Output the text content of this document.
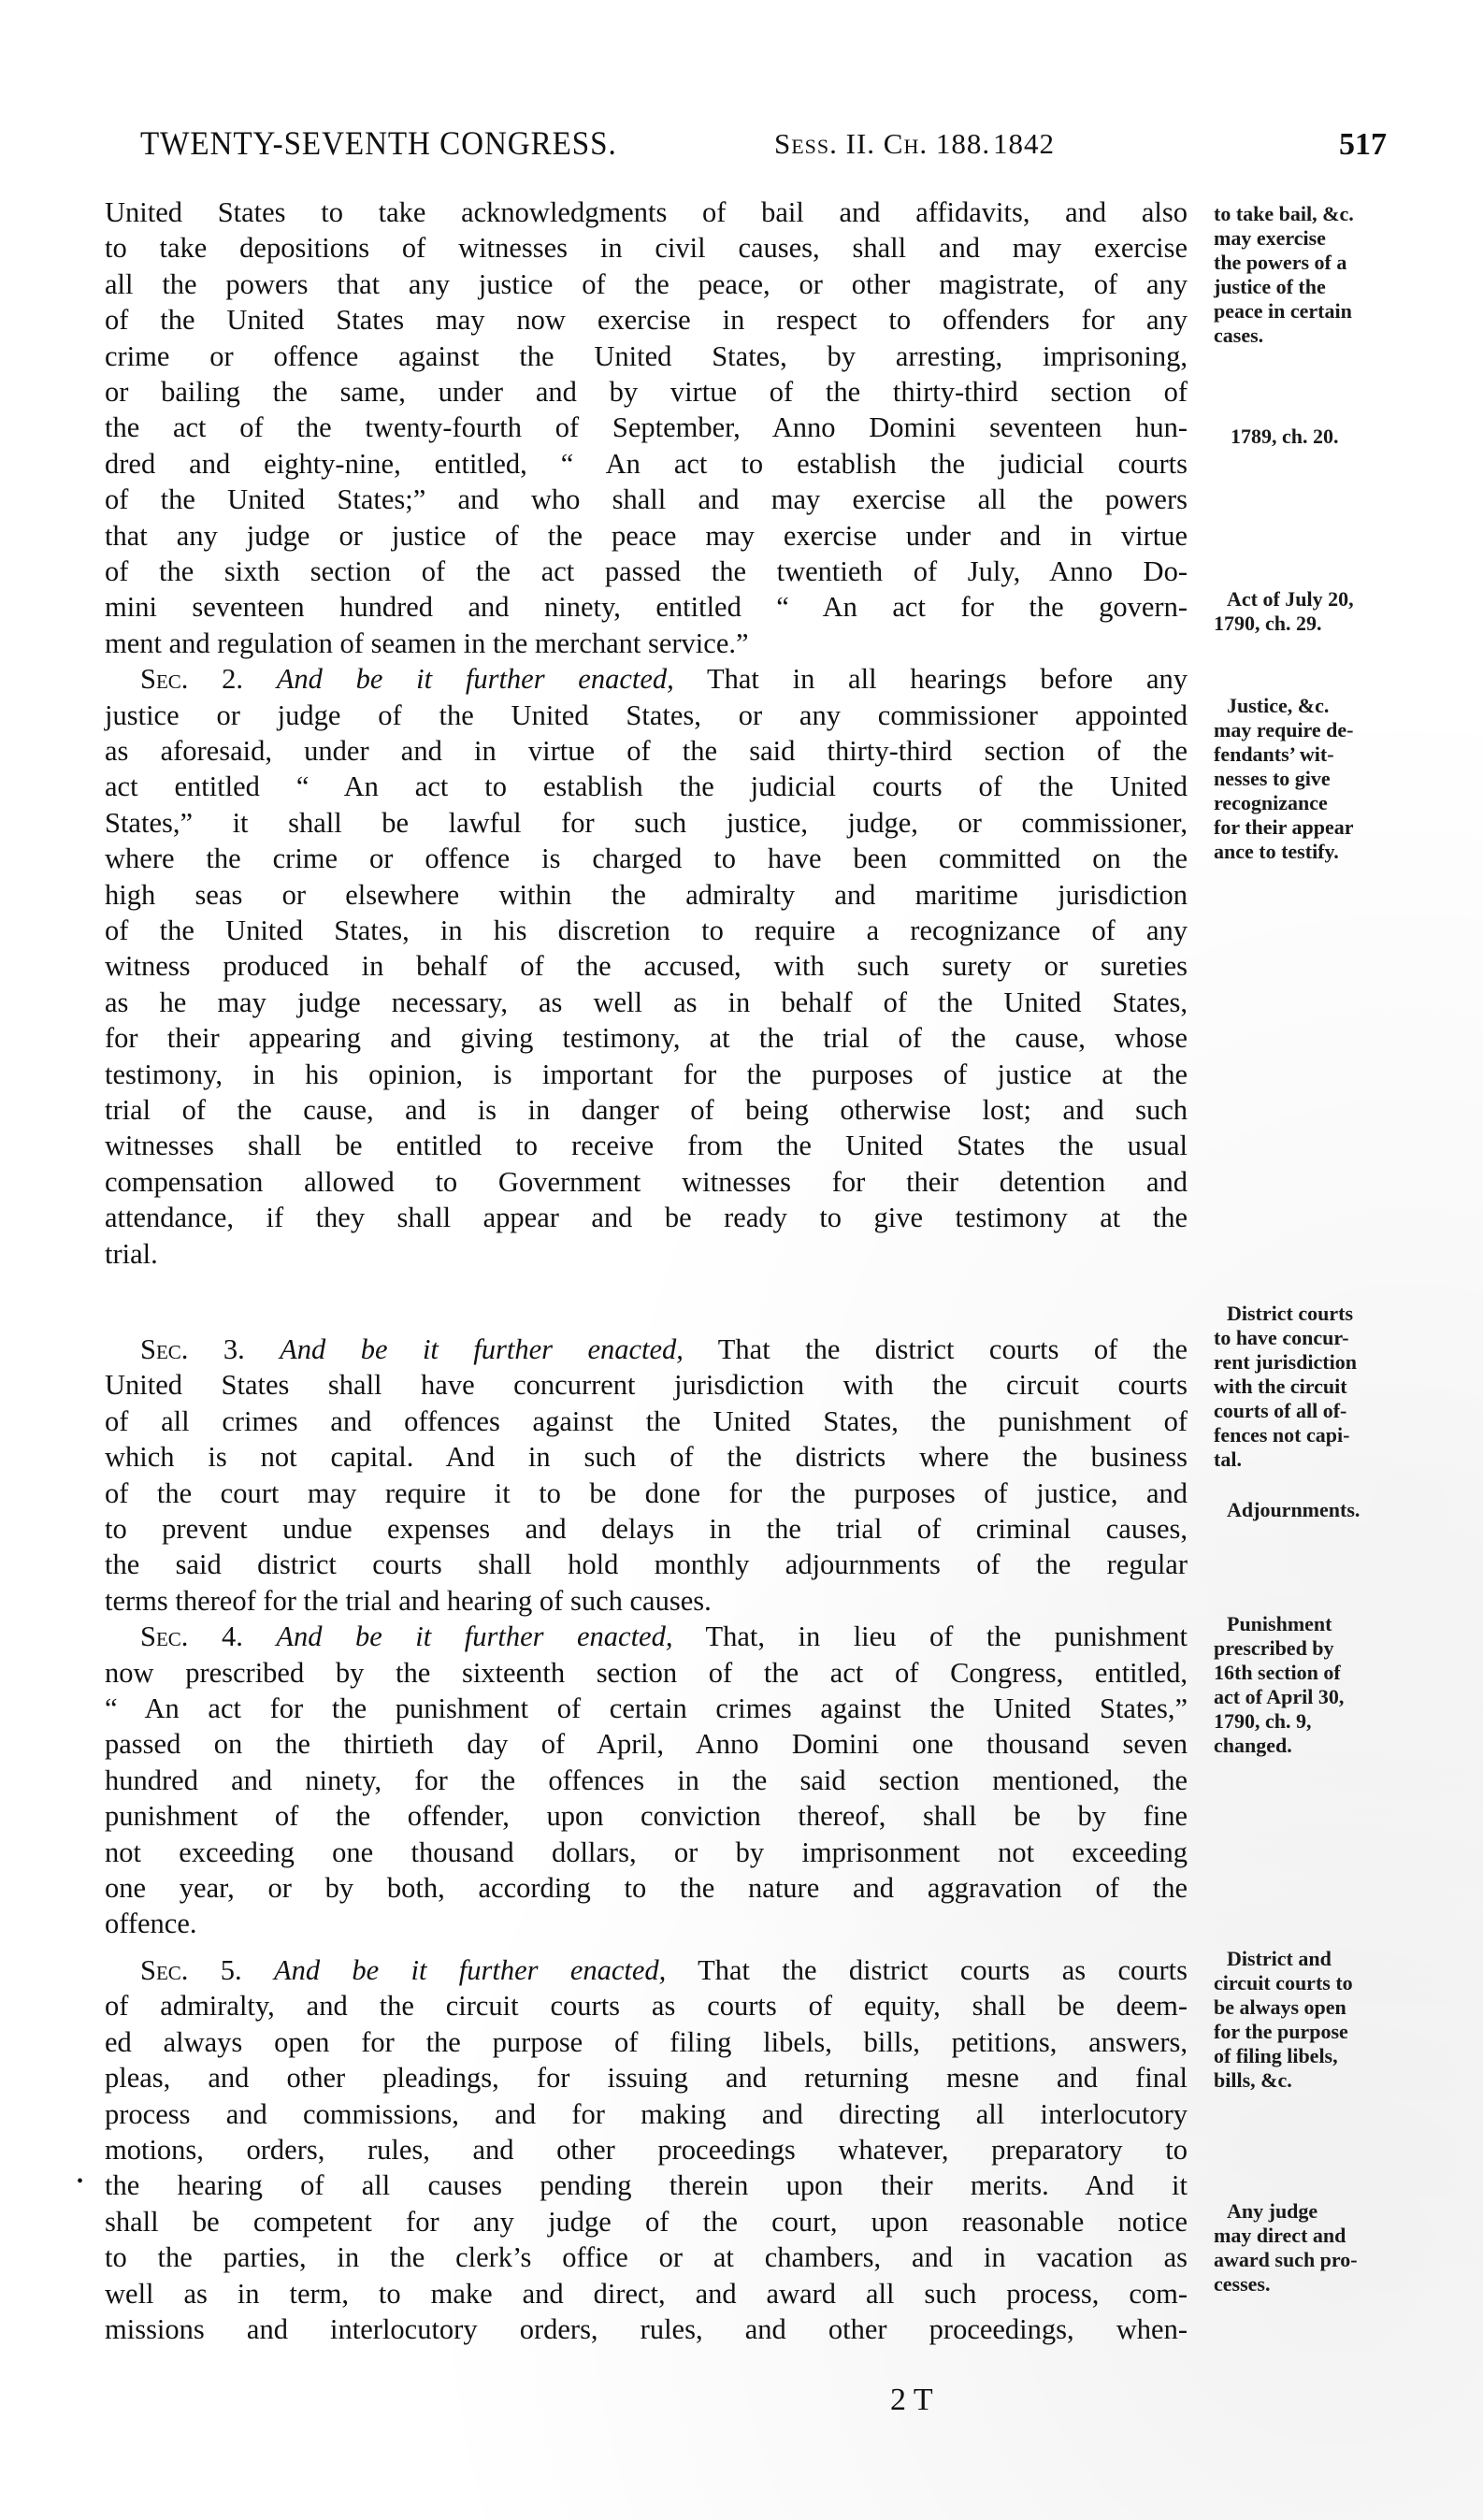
TWENTY-SEVENTH CONGRESS.	Sess. II. Ch. 188. 1842	517
United States to take acknowledgments of bail and affidavits, and also
to take depositions of witnesses in civil causes, shall and may exercise
all the powers that any justice of the peace, or other magistrate, of any
of the United States may now exercise in respect to offenders for any
crime or offence against the United States, by arresting, imprisoning,
or bailing the same, under and by virtue of the thirty-third section of
the act of the twenty-fourth of September, Anno Domini seventeen hun-
dred and eighty-nine, entitled, “ An act to establish the judicial courts
of the United States;” and who shall and may exercise all the powers
that any judge or justice of the peace may exercise under and in virtue
of the sixth section of the act passed the twentieth of July, Anno Do-
mini seventeen hundred and ninety, entitled “ An act for the govern-
ment and regulation of seamen in the merchant service.”
Sec. 2. And be it further enacted, That in all hearings before any
justice or judge of the United States, or any commissioner appointed
as aforesaid, under and in virtue of the said thirty-third section of the
act entitled “ An act to establish the judicial courts of the United
States,” it shall be lawful for such justice, judge, or commissioner,
where the crime or offence is charged to have been committed on the
high seas or elsewhere within the admiralty and maritime jurisdiction
of the United States, in his discretion to require a recognizance of any
witness produced in behalf of the accused, with such surety or sureties
as he may judge necessary, as well as in behalf of the United States,
for their appearing and giving testimony, at the trial of the cause, whose
testimony, in his opinion, is important for the purposes of justice at the
trial of the cause, and is in danger of being otherwise lost; and such
witnesses shall be entitled to receive from the United States the usual
compensation allowed to Government witnesses for their detention and
attendance, if they shall appear and be ready to give testimony at the
trial.
Sec. 3. And be it further enacted, That the district courts of the
United States shall have concurrent jurisdiction with the circuit courts
of all crimes and offences against the United States, the punishment of
which is not capital. And in such of the districts where the business
of the court may require it to be done for the purposes of justice, and
to prevent undue expenses and delays in the trial of criminal causes,
the said district courts shall hold monthly adjournments of the regular
terms thereof for the trial and hearing of such causes.
Sec. 4. And be it further enacted, That, in lieu of the punishment
now prescribed by the sixteenth section of the act of Congress, entitled,
“ An act for the punishment of certain crimes against the United States,”
passed on the thirtieth day of April, Anno Domini one thousand seven
hundred and ninety, for the offences in the said section mentioned, the
punishment of the offender, upon conviction thereof, shall be by fine
not exceeding one thousand dollars, or by imprisonment not exceeding
one year, or by both, according to the nature and aggravation of the
offence.
Sec. 5. And be it further enacted, That the district courts as courts
of admiralty, and the circuit courts as courts of equity, shall be deem-
ed always open for the purpose of filing libels, bills, petitions, answers,
pleas, and other pleadings, for issuing and returning mesne and final
process and commissions, and for making and directing all interlocutory
motions, orders, rules, and other proceedings whatever, preparatory to
the hearing of all causes pending therein upon their merits. And it
shall be competent for any judge of the court, upon reasonable notice
to the parties, in the clerk’s office or at chambers, and in vacation as
well as in term, to make and direct, and award all such process, com-
missions and interlocutory orders, rules, and other proceedings, when-
•
to take bail, &c.
may exercise
the powers of a
justice of the
peace in certain
cases.
1789, ch. 20.
Act of July 20,
1790, ch. 29.
Justice, &c.
may require de-
fendants’ wit-
nesses to give
recognizance
for their appear
ance to testify.
District courts
to have concur-
rent jurisdiction
with the circuit
courts of all of-
fences not capi-
tal.
Adjournments.
Punishment
prescribed by
16th section of
act of April 30,
1790, ch. 9,
changed.
District and
circuit courts to
be always open
for the purpose
of filing libels,
bills, &c.
Any judge
may direct and
award such pro-
cesses.
2 T
